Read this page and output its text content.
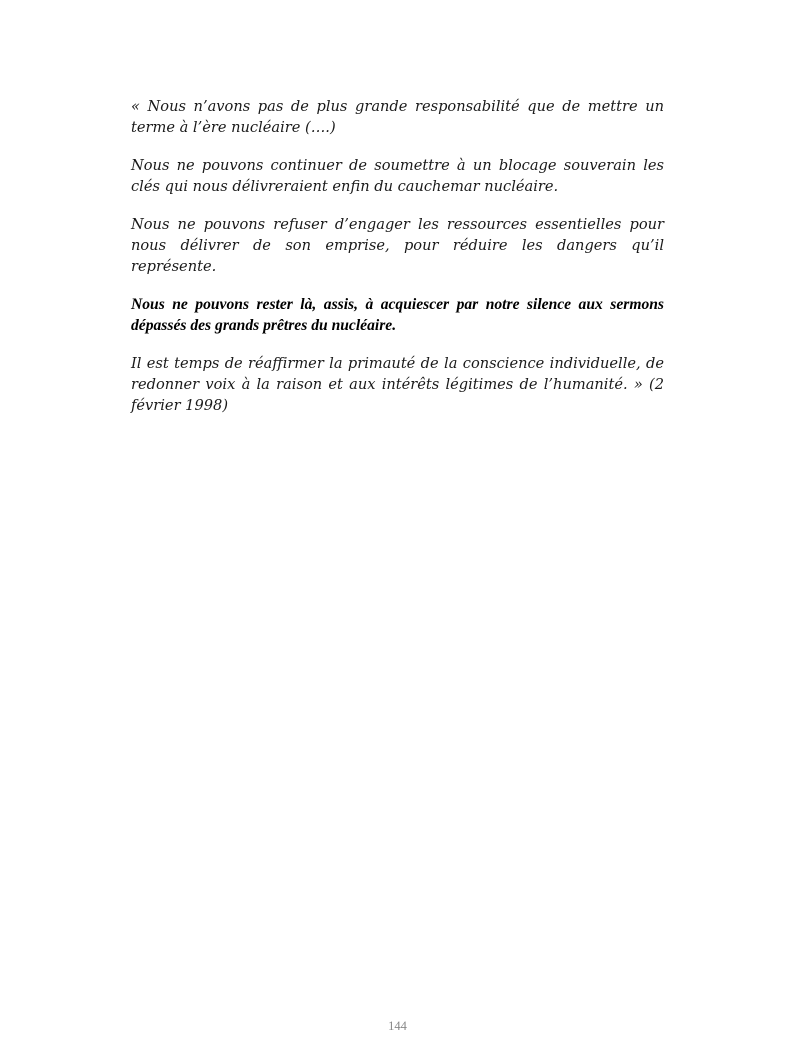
« Nous n’avons pas de plus grande responsabilité que de mettre un terme à l’ère nucléaire (….)

Nous ne pouvons continuer de soumettre à un blocage souverain les clés qui nous délivreraient enfin du cauchemar nucléaire.

Nous ne pouvons refuser d’engager les ressources essentielles pour nous délivrer de son emprise, pour réduire les dangers qu’il représente.

Nous ne pouvons rester là, assis, à acquiescer par notre silence aux sermons dépassés des grands prêtres du nucléaire.

Il est temps de réaffirmer la primauté de la conscience individuelle, de redonner voix à la raison et aux intérêts légitimes de l’humanité. » (2 février 1998)

144
